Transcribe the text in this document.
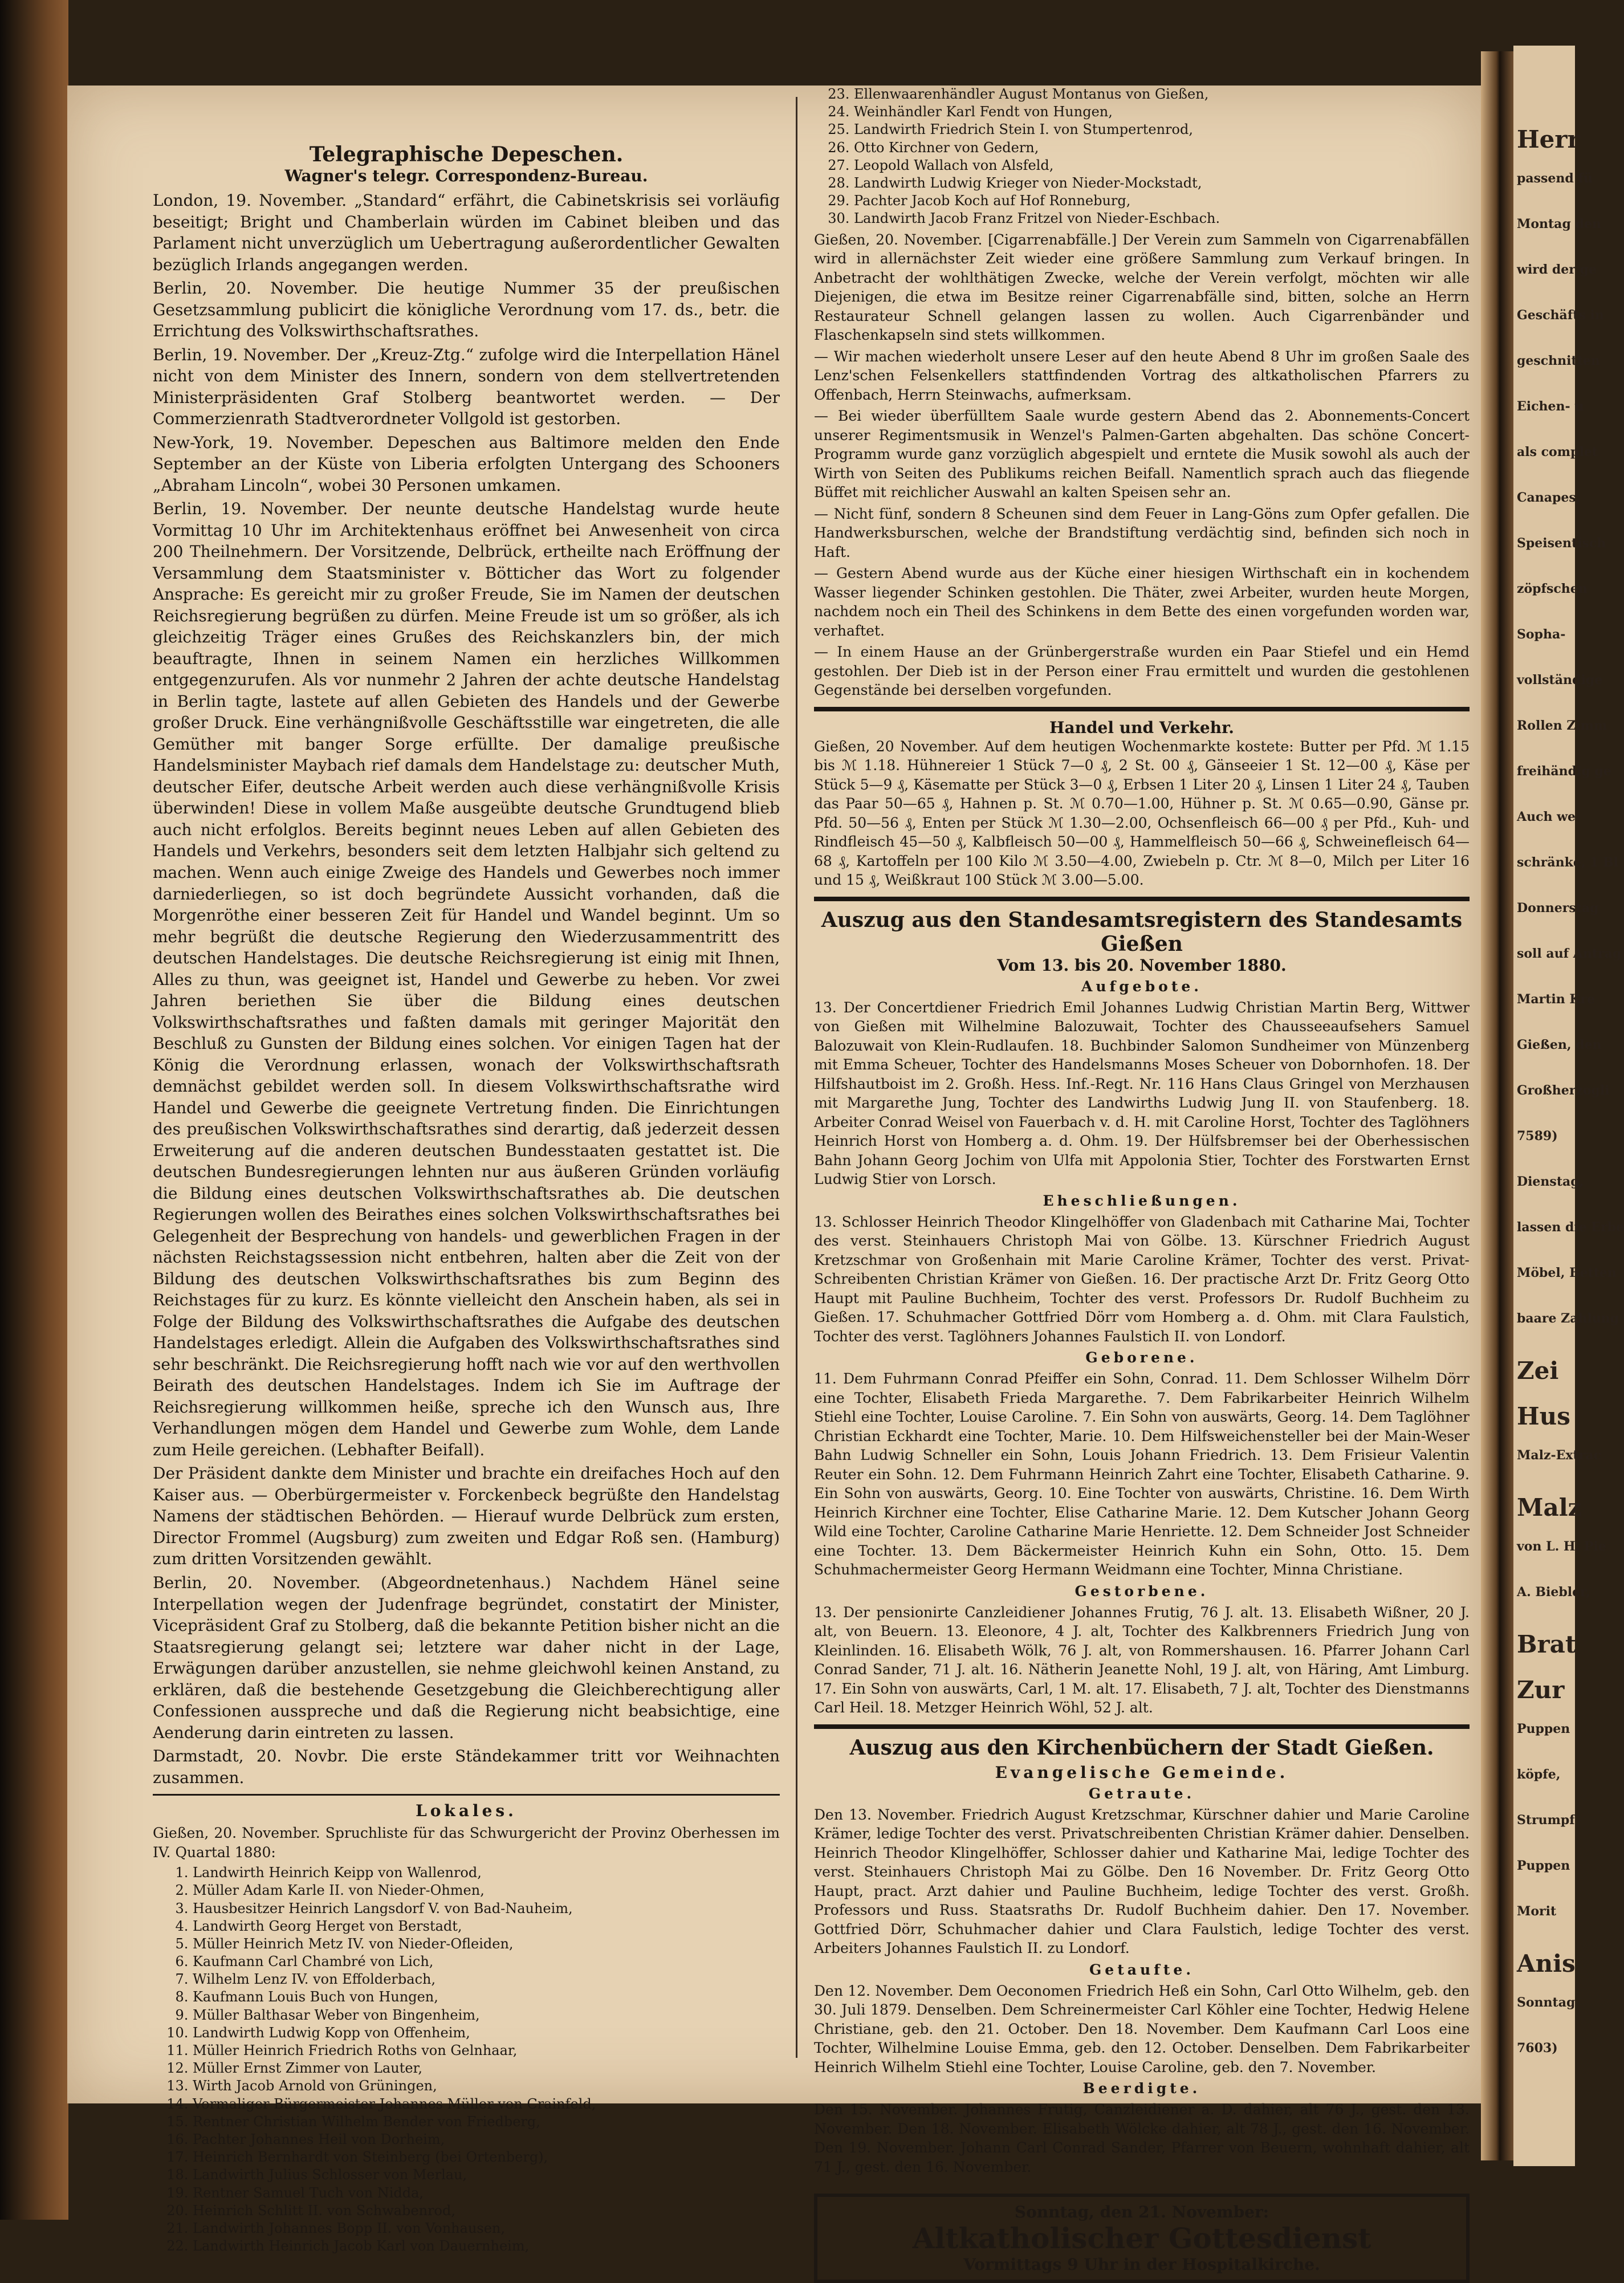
Telegraphische Depeschen.
Wagner's telegr. Correspondenz-Bureau.

London, 19. November. „Standard“ erfährt, die Cabinetskrisis sei vorläufig beseitigt; Bright und Chamberlain würden im Cabinet bleiben und das Parlament nicht unverzüglich um Uebertragung außerordentlicher Gewalten bezüglich Irlands angegangen werden.

Berlin, 20. November. Die heutige Nummer 35 der preußischen Gesetzsammlung publicirt die königliche Verordnung vom 17. ds., betr. die Errichtung des Volkswirthschaftsrathes.

Berlin, 19. November. Der „Kreuz-Ztg.“ zufolge wird die Interpellation Hänel nicht von dem Minister des Innern, sondern von dem stellvertretenden Ministerpräsidenten Graf Stolberg beantwortet werden. — Der Commerzienrath Stadtverordneter Vollgold ist gestorben.

New-York, 19. November. Depeschen aus Baltimore melden den Ende September an der Küste von Liberia erfolgten Untergang des Schooners „Abraham Lincoln“, wobei 30 Personen umkamen.

Berlin, 19. November. Der neunte deutsche Handelstag wurde heute Vormittag 10 Uhr im Architektenhaus eröffnet bei Anwesenheit von circa 200 Theilnehmern. Der Vorsitzende, Delbrück, ertheilte nach Eröffnung der Versammlung dem Staatsminister v. Bötticher das Wort zu folgender Ansprache: Es gereicht mir zu großer Freude, Sie im Namen der deutschen Reichsregierung begrüßen zu dürfen. Meine Freude ist um so größer, als ich gleichzeitig Träger eines Grußes des Reichskanzlers bin, der mich beauftragte, Ihnen in seinem Namen ein herzliches Willkommen entgegenzurufen. Als vor nunmehr 2 Jahren der achte deutsche Handelstag in Berlin tagte, lastete auf allen Gebieten des Handels und der Gewerbe großer Druck. Eine verhängnißvolle Geschäftsstille war eingetreten, die alle Gemüther mit banger Sorge erfüllte. Der damalige preußische Handelsminister Maybach rief damals dem Handelstage zu: deutscher Muth, deutscher Eifer, deutsche Arbeit werden auch diese verhängnißvolle Krisis überwinden! Diese in vollem Maße ausgeübte deutsche Grundtugend blieb auch nicht erfolglos. Bereits beginnt neues Leben auf allen Gebieten des Handels und Verkehrs, besonders seit dem letzten Halbjahr sich geltend zu machen. Wenn auch einige Zweige des Handels und Gewerbes noch immer darniederliegen, so ist doch begründete Aussicht vorhanden, daß die Morgenröthe einer besseren Zeit für Handel und Wandel beginnt. Um so mehr begrüßt die deutsche Regierung den Wiederzusammentritt des deutschen Handelstages. Die deutsche Reichsregierung ist einig mit Ihnen, Alles zu thun, was geeignet ist, Handel und Gewerbe zu heben. Vor zwei Jahren beriethen Sie über die Bildung eines deutschen Volkswirthschaftsrathes und faßten damals mit geringer Majorität den Beschluß zu Gunsten der Bildung eines solchen. Vor einigen Tagen hat der König die Verordnung erlassen, wonach der Volkswirthschaftsrath demnächst gebildet werden soll. In diesem Volkswirthschaftsrathe wird Handel und Gewerbe die geeignete Vertretung finden. Die Einrichtungen des preußischen Volkswirthschaftsrathes sind derartig, daß jederzeit dessen Erweiterung auf die anderen deutschen Bundesstaaten gestattet ist. Die deutschen Bundesregierungen lehnten nur aus äußeren Gründen vorläufig die Bildung eines deutschen Volkswirthschaftsrathes ab. Die deutschen Regierungen wollen des Beirathes eines solchen Volkswirthschaftsrathes bei Gelegenheit der Besprechung von handels- und gewerblichen Fragen in der nächsten Reichstagssession nicht entbehren, halten aber die Zeit von der Bildung des deutschen Volkswirthschaftsrathes bis zum Beginn des Reichstages für zu kurz. Es könnte vielleicht den Anschein haben, als sei in Folge der Bildung des Volkswirthschaftsrathes die Aufgabe des deutschen Handelstages erledigt. Allein die Aufgaben des Volkswirthschaftsrathes sind sehr beschränkt. Die Reichsregierung hofft nach wie vor auf den werthvollen Beirath des deutschen Handelstages. Indem ich Sie im Auftrage der Reichsregierung willkommen heiße, spreche ich den Wunsch aus, Ihre Verhandlungen mögen dem Handel und Gewerbe zum Wohle, dem Lande zum Heile gereichen. (Lebhafter Beifall).

Der Präsident dankte dem Minister und brachte ein dreifaches Hoch auf den Kaiser aus. — Oberbürgermeister v. Forckenbeck begrüßte den Handelstag Namens der städtischen Behörden. — Hierauf wurde Delbrück zum ersten, Director Frommel (Augsburg) zum zweiten und Edgar Roß sen. (Hamburg) zum dritten Vorsitzenden gewählt.

Berlin, 20. November. (Abgeordnetenhaus.) Nachdem Hänel seine Interpellation wegen der Judenfrage begründet, constatirt der Minister, Vicepräsident Graf zu Stolberg, daß die bekannte Petition bisher nicht an die Staatsregierung gelangt sei; letztere war daher nicht in der Lage, Erwägungen darüber anzustellen, sie nehme gleichwohl keinen Anstand, zu erklären, daß die bestehende Gesetzgebung die Gleichberechtigung aller Confessionen ausspreche und daß die Regierung nicht beabsichtige, eine Aenderung darin eintreten zu lassen.

Darmstadt, 20. Novbr. Die erste Ständekammer tritt vor Weihnachten zusammen.

Lokales.

Gießen, 20. November. Spruchliste für das Schwurgericht der Provinz Oberhessen im IV. Quartal 1880:

1. Landwirth Heinrich Keipp von Wallenrod,
2. Müller Adam Karle II. von Nieder-Ohmen,
3. Hausbesitzer Heinrich Langsdorf V. von Bad-Nauheim,
4. Landwirth Georg Herget von Berstadt,
5. Müller Heinrich Metz IV. von Nieder-Ofleiden,
6. Kaufmann Carl Chambré von Lich,
7. Wilhelm Lenz IV. von Effolderbach,
8. Kaufmann Louis Buch von Hungen,
9. Müller Balthasar Weber von Bingenheim,
10. Landwirth Ludwig Kopp von Offenheim,
11. Müller Heinrich Friedrich Roths von Gelnhaar,
12. Müller Ernst Zimmer von Lauter,
13. Wirth Jacob Arnold von Grüningen,
14. Vormaliger Bürgermeister Johannes Müller von Crainfeld,
15. Rentner Christian Wilhelm Bender von Friedberg,
16. Pachter Johannes Heil von Dorheim,
17. Heinrich Bernhardt von Steinberg (bei Ortenberg),
18. Landwirth Julius Schlosser von Merlau,
19. Rentner Samuel Tuch von Nidda,
20. Heinrich Schlitt II. von Schwabenrod,
21. Landwirth Johannes Bopp II. von Vonhausen,
22. Landwirth Heinrich Jacob Karl von Dauernheim,
23. Ellenwaarenhändler August Montanus von Gießen,
24. Weinhändler Karl Fendt von Hungen,
25. Landwirth Friedrich Stein I. von Stumpertenrod,
26. Otto Kirchner von Gedern,
27. Leopold Wallach von Alsfeld,
28. Landwirth Ludwig Krieger von Nieder-Mockstadt,
29. Pachter Jacob Koch auf Hof Ronneburg,
30. Landwirth Jacob Franz Fritzel von Nieder-Eschbach.

Gießen, 20. November. [Cigarrenabfälle.] Der Verein zum Sammeln von Cigarrenabfällen wird in allernächster Zeit wieder eine größere Sammlung zum Verkauf bringen. In Anbetracht der wohlthätigen Zwecke, welche der Verein verfolgt, möchten wir alle Diejenigen, die etwa im Besitze reiner Cigarrenabfälle sind, bitten, solche an Herrn Restaurateur Schnell gelangen lassen zu wollen. Auch Cigarrenbänder und Flaschenkapseln sind stets willkommen.

— Wir machen wiederholt unsere Leser auf den heute Abend 8 Uhr im großen Saale des Lenz'schen Felsenkellers stattfindenden Vortrag des altkatholischen Pfarrers zu Offenbach, Herrn Steinwachs, aufmerksam.

— Bei wieder überfülltem Saale wurde gestern Abend das 2. Abonnements-Concert unserer Regimentsmusik in Wenzel's Palmen-Garten abgehalten. Das schöne Concert-Programm wurde ganz vorzüglich abgespielt und erntete die Musik sowohl als auch der Wirth von Seiten des Publikums reichen Beifall. Namentlich sprach auch das fliegende Büffet mit reichlicher Auswahl an kalten Speisen sehr an.

— Nicht fünf, sondern 8 Scheunen sind dem Feuer in Lang-Göns zum Opfer gefallen. Die Handwerksburschen, welche der Brandstiftung verdächtig sind, befinden sich noch in Haft.

— Gestern Abend wurde aus der Küche einer hiesigen Wirthschaft ein in kochendem Wasser liegender Schinken gestohlen. Die Thäter, zwei Arbeiter, wurden heute Morgen, nachdem noch ein Theil des Schinkens in dem Bette des einen vorgefunden worden war, verhaftet.

— In einem Hause an der Grünbergerstraße wurden ein Paar Stiefel und ein Hemd gestohlen. Der Dieb ist in der Person einer Frau ermittelt und wurden die gestohlenen Gegenstände bei derselben vorgefunden.

Handel und Verkehr.

Gießen, 20 November. Auf dem heutigen Wochenmarkte kostete: Butter per Pfd. ℳ 1.15 bis ℳ 1.18. Hühnereier 1 Stück 7—0 ₰, 2 St. 00 ₰, Gänseeier 1 St. 12—00 ₰, Käse per Stück 5—9 ₰, Käsematte per Stück 3—0 ₰, Erbsen 1 Liter 20 ₰, Linsen 1 Liter 24 ₰, Tauben das Paar 50—65 ₰, Hahnen p. St. ℳ 0.70—1.00, Hühner p. St. ℳ 0.65—0.90, Gänse pr. Pfd. 50—56 ₰, Enten per Stück ℳ 1.30—2.00, Ochsenfleisch 66—00 ₰ per Pfd., Kuh- und Rindfleisch 45—50 ₰, Kalbfleisch 50—00 ₰, Hammelfleisch 50—66 ₰, Schweinefleisch 64—68 ₰, Kartoffeln per 100 Kilo ℳ 3.50—4.00, Zwiebeln p. Ctr. ℳ 8—0, Milch per Liter 16 und 15 ₰, Weißkraut 100 Stück ℳ 3.00—5.00.

Auszug aus den Standesamtsregistern des Standesamts Gießen
Vom 13. bis 20. November 1880.
Aufgebote.

13. Der Concertdiener Friedrich Emil Johannes Ludwig Christian Martin Berg, Wittwer von Gießen mit Wilhelmine Balozuwait, Tochter des Chausseeaufsehers Samuel Balozuwait von Klein-Rudlaufen. 18. Buchbinder Salomon Sundheimer von Münzenberg mit Emma Scheuer, Tochter des Handelsmanns Moses Scheuer von Dobornhofen. 18. Der Hilfshautboist im 2. Großh. Hess. Inf.-Regt. Nr. 116 Hans Claus Gringel von Merzhausen mit Margarethe Jung, Tochter des Landwirths Ludwig Jung II. von Staufenberg. 18. Arbeiter Conrad Weisel von Fauerbach v. d. H. mit Caroline Horst, Tochter des Taglöhners Heinrich Horst von Homberg a. d. Ohm. 19. Der Hülfsbremser bei der Oberhessischen Bahn Johann Georg Jochim von Ulfa mit Appolonia Stier, Tochter des Forstwarten Ernst Ludwig Stier von Lorsch.

Eheschließungen.

13. Schlosser Heinrich Theodor Klingelhöffer von Gladenbach mit Catharine Mai, Tochter des verst. Steinhauers Christoph Mai von Gölbe. 13. Kürschner Friedrich August Kretzschmar von Großenhain mit Marie Caroline Krämer, Tochter des verst. Privat-Schreibenten Christian Krämer von Gießen. 16. Der practische Arzt Dr. Fritz Georg Otto Haupt mit Pauline Buchheim, Tochter des verst. Professors Dr. Rudolf Buchheim zu Gießen. 17. Schuhmacher Gottfried Dörr vom Homberg a. d. Ohm. mit Clara Faulstich, Tochter des verst. Taglöhners Johannes Faulstich II. von Londorf.

Geborene.

11. Dem Fuhrmann Conrad Pfeiffer ein Sohn, Conrad. 11. Dem Schlosser Wilhelm Dörr eine Tochter, Elisabeth Frieda Margarethe. 7. Dem Fabrikarbeiter Heinrich Wilhelm Stiehl eine Tochter, Louise Caroline. 7. Ein Sohn von auswärts, Georg. 14. Dem Taglöhner Christian Eckhardt eine Tochter, Marie. 10. Dem Hilfsweichensteller bei der Main-Weser Bahn Ludwig Schneller ein Sohn, Louis Johann Friedrich. 13. Dem Frisieur Valentin Reuter ein Sohn. 12. Dem Fuhrmann Heinrich Zahrt eine Tochter, Elisabeth Catharine. 9. Ein Sohn von auswärts, Georg. 10. Eine Tochter von auswärts, Christine. 16. Dem Wirth Heinrich Kirchner eine Tochter, Elise Catharine Marie. 12. Dem Kutscher Johann Georg Wild eine Tochter, Caroline Catharine Marie Henriette. 12. Dem Schneider Jost Schneider eine Tochter. 13. Dem Bäckermeister Heinrich Kuhn ein Sohn, Otto. 15. Dem Schuhmachermeister Georg Hermann Weidmann eine Tochter, Minna Christiane.

Gestorbene.

13. Der pensionirte Canzleidiener Johannes Frutig, 76 J. alt. 13. Elisabeth Wißner, 20 J. alt, von Beuern. 13. Eleonore, 4 J. alt, Tochter des Kalkbrenners Friedrich Jung von Kleinlinden. 16. Elisabeth Wölk, 76 J. alt, von Rommershausen. 16. Pfarrer Johann Carl Conrad Sander, 71 J. alt. 16. Nätherin Jeanette Nohl, 19 J. alt, von Häring, Amt Limburg. 17. Ein Sohn von auswärts, Carl, 1 M. alt. 17. Elisabeth, 7 J. alt, Tochter des Dienstmanns Carl Heil. 18. Metzger Heinrich Wöhl, 52 J. alt.

Auszug aus den Kirchenbüchern der Stadt Gießen.
Evangelische Gemeinde.
Getraute.

Den 13. November. Friedrich August Kretzschmar, Kürschner dahier und Marie Caroline Krämer, ledige Tochter des verst. Privatschreibenten Christian Krämer dahier. Denselben. Heinrich Theodor Klingelhöffer, Schlosser dahier und Katharine Mai, ledige Tochter des verst. Steinhauers Christoph Mai zu Gölbe. Den 16 November. Dr. Fritz Georg Otto Haupt, pract. Arzt dahier und Pauline Buchheim, ledige Tochter des verst. Großh. Professors und Russ. Staatsraths Dr. Rudolf Buchheim dahier. Den 17. November. Gottfried Dörr, Schuhmacher dahier und Clara Faulstich, ledige Tochter des verst. Arbeiters Johannes Faulstich II. zu Londorf.

Getaufte.

Den 12. November. Dem Oeconomen Friedrich Heß ein Sohn, Carl Otto Wilhelm, geb. den 30. Juli 1879. Denselben. Dem Schreinermeister Carl Köhler eine Tochter, Hedwig Helene Christiane, geb. den 21. October. Den 18. November. Dem Kaufmann Carl Loos eine Tochter, Wilhelmine Louise Emma, geb. den 12. October. Denselben. Dem Fabrikarbeiter Heinrich Wilhelm Stiehl eine Tochter, Louise Caroline, geb. den 7. November.

Beerdigte.

Den 15. November. Johannes Frutig, Canzleidiener a. D. dahier, alt 76 J., gest. den 13. November. Den 18. November. Elisabeth Wölcke dahier, alt 78 J., gest. den 16. November. Den 19. November. Johann Carl Conrad Sander, Pfarrer von Beuern, wohnhaft dahier, alt 71 J., gest. den 16. November.

Sonntag, den 21. November:
Altkatholischer Gottesdienst
Vormittags 9 Uhr in der Hospitalkirche.
Herr
passend fü
Montag den
wird der ge
Geschäfts in
geschnitten
Eichen- u
als complet
Canapes,
Speisentisch
zöpfschen
Sopha-
vollständige
Rollen Zimm
freihändig ge
Auch we
schränke, 1 Bl
Donnerstag
soll auf Antrag
Martin Kre
Gießen, den
Großherzogli
7589)
Dienstag,
lassen die Erbe
Möbel, Betten
baare Zahlung
Zei
Hus
Malz-Extrac
Malz
von L. H. Pie
A. Biebler,
Brat
Zur
Puppen
köpfe,
Strumpf
Puppen
Morit
Anis
Sonntag
7603)
